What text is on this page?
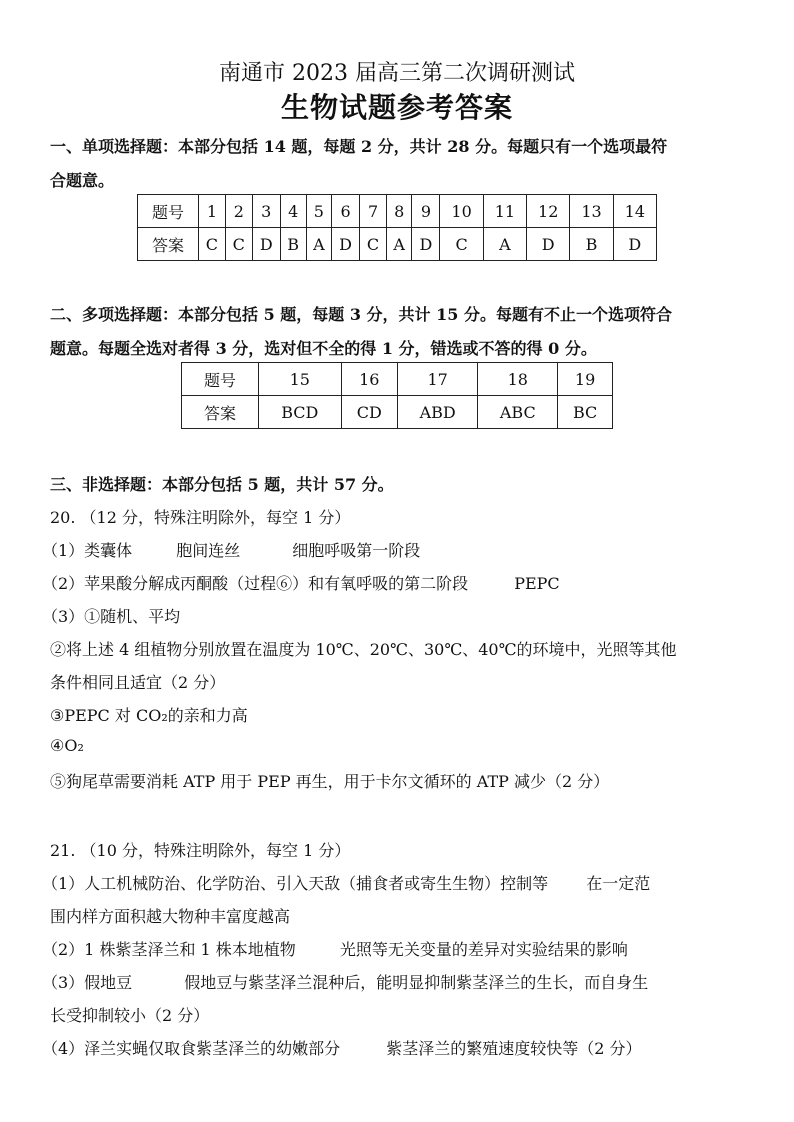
南通市 2023 届高三第二次调研测试
生物试题参考答案
一、单项选择题：本部分包括 14 题，每题 2 分，共计 28 分。每题只有一个选项最符
合题意。
题号	1	2	3	4	5	6	7	8	9	10	11	12	13	14
答案	C	C	D	B	A	D	C	A	D	C	A	D	B	D
二、多项选择题：本部分包括 5 题，每题 3 分，共计 15 分。每题有不止一个选项符合
题意。每题全选对者得 3 分，选对但不全的得 1 分，错选或不答的得 0 分。
题号	15	16	17	18	19
答案	BCD	CD	ABD	ABC	BC
三、非选择题：本部分包括 5 题，共计 57 分。
20. （12 分，特殊注明除外，每空 1 分）
（1）类囊体	胞间连丝	细胞呼吸第一阶段
（2）苹果酸分解成丙酮酸（过程⑥）和有氧呼吸的第二阶段	PEPC
（3）①随机、平均
②将上述 4 组植物分别放置在温度为 10℃、20℃、30℃、40℃的环境中，光照等其他
条件相同且适宜（2 分）
③PEPC 对 CO₂的亲和力高
④O₂
⑤狗尾草需要消耗 ATP 用于 PEP 再生，用于卡尔文循环的 ATP 减少（2 分）
21. （10 分，特殊注明除外，每空 1 分）
（1）人工机械防治、化学防治、引入天敌（捕食者或寄生生物）控制等 在一定范
围内样方面积越大物种丰富度越高
（2）1 株紫茎泽兰和 1 株本地植物	光照等无关变量的差异对实验结果的影响
（3）假地豆	假地豆与紫茎泽兰混种后，能明显抑制紫茎泽兰的生长，而自身生
长受抑制较小（2 分）
（4）泽兰实蝇仅取食紫茎泽兰的幼嫩部分	紫茎泽兰的繁殖速度较快等（2 分）
